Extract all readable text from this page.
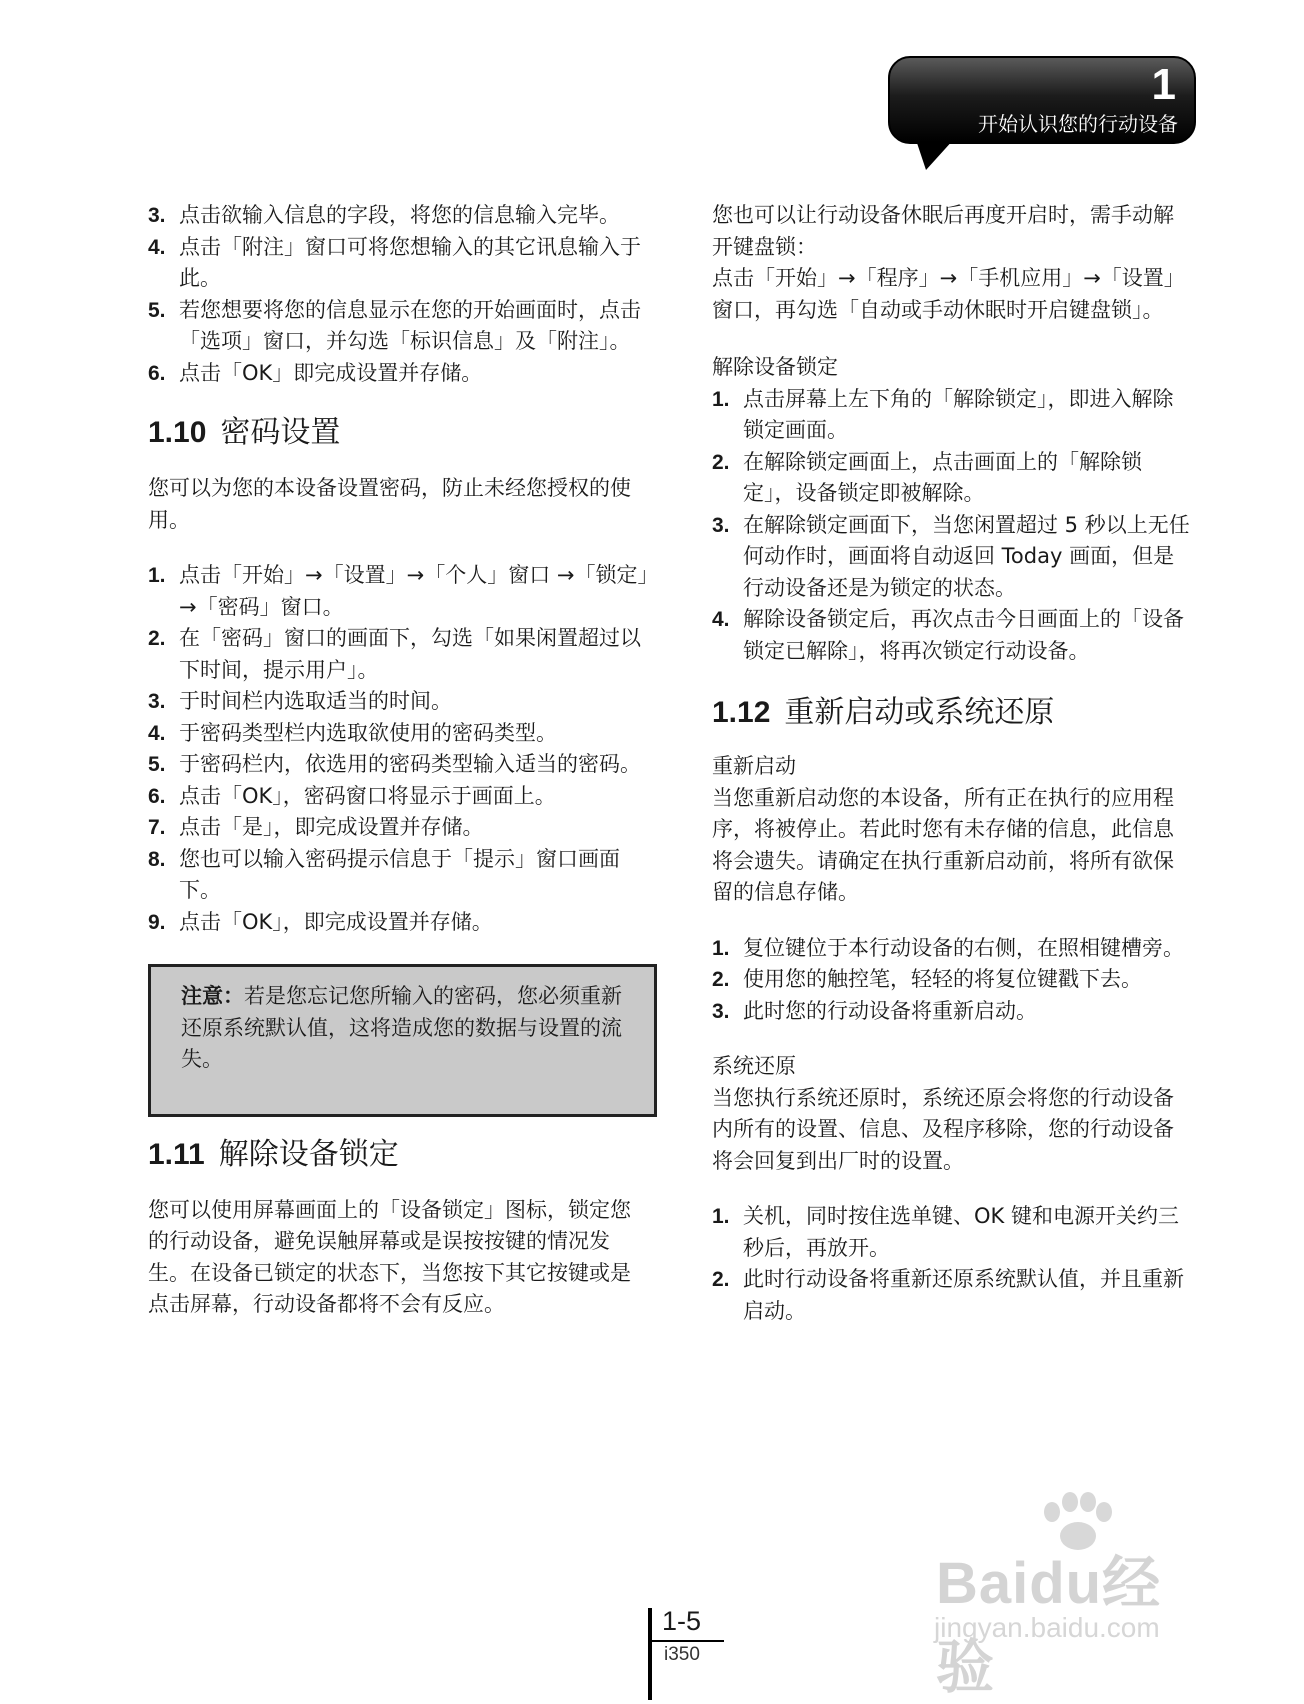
1
开始认识您的行动设备
3. 点击欲输入信息的字段，将您的信息输入完毕。
4. 点击「附注」窗口可将您想输入的其它讯息输入于此。
5. 若您想要将您的信息显示在您的开始画面时，点击「选项」窗口，并勾选「标识信息」及「附注」。
6. 点击「OK」即完成设置并存储。
1.10 密码设置

您可以为您的本设备设置密码，防止未经您授权的使用。

1. 点击「开始」→「设置」→「个人」窗口 →「锁定」→「密码」窗口。
2. 在「密码」窗口的画面下，勾选「如果闲置超过以下时间，提示用户」。
3. 于时间栏内选取适当的时间。
4. 于密码类型栏内选取欲使用的密码类型。
5. 于密码栏内，依选用的密码类型输入适当的密码。
6. 点击「OK」，密码窗口将显示于画面上。
7. 点击「是」，即完成设置并存储。
8. 您也可以输入密码提示信息于「提示」窗口画面下。
9. 点击「OK」，即完成设置并存储。
注意：若是您忘记您所输入的密码，您必须重新还原系统默认值，这将造成您的数据与设置的流失。
1.11 解除设备锁定

您可以使用屏幕画面上的「设备锁定」图标，锁定您的行动设备，避免误触屏幕或是误按按键的情况发生。在设备已锁定的状态下，当您按下其它按键或是点击屏幕，行动设备都将不会有反应。

您也可以让行动设备休眠后再度开启时，需手动解开键盘锁：

点击「开始」→「程序」→「手机应用」→「设置」窗口，再勾选「自动或手动休眠时开启键盘锁」。

解除设备锁定
1. 点击屏幕上左下角的「解除锁定」，即进入解除锁定画面。
2. 在解除锁定画面上，点击画面上的「解除锁定」，设备锁定即被解除。
3. 在解除锁定画面下，当您闲置超过 5 秒以上无任何动作时，画面将自动返回 Today 画面，但是行动设备还是为锁定的状态。
4. 解除设备锁定后，再次点击今日画面上的「设备锁定已解除」，将再次锁定行动设备。
1.12 重新启动或系统还原
重新启动

当您重新启动您的本设备，所有正在执行的应用程序，将被停止。若此时您有未存储的信息，此信息将会遗失。请确定在执行重新启动前，将所有欲保留的信息存储。

1. 复位键位于本行动设备的右侧，在照相键槽旁。
2. 使用您的触控笔，轻轻的将复位键戳下去。
3. 此时您的行动设备将重新启动。
系统还原

当您执行系统还原时，系统还原会将您的行动设备内所有的设置、信息、及程序移除，您的行动设备将会回复到出厂时的设置。

1. 关机，同时按住选单键、OK 键和电源开关约三秒后，再放开。
2. 此时行动设备将重新还原系统默认值，并且重新启动。
Baidu经验
jingyan.baidu.com
1-5
i350
